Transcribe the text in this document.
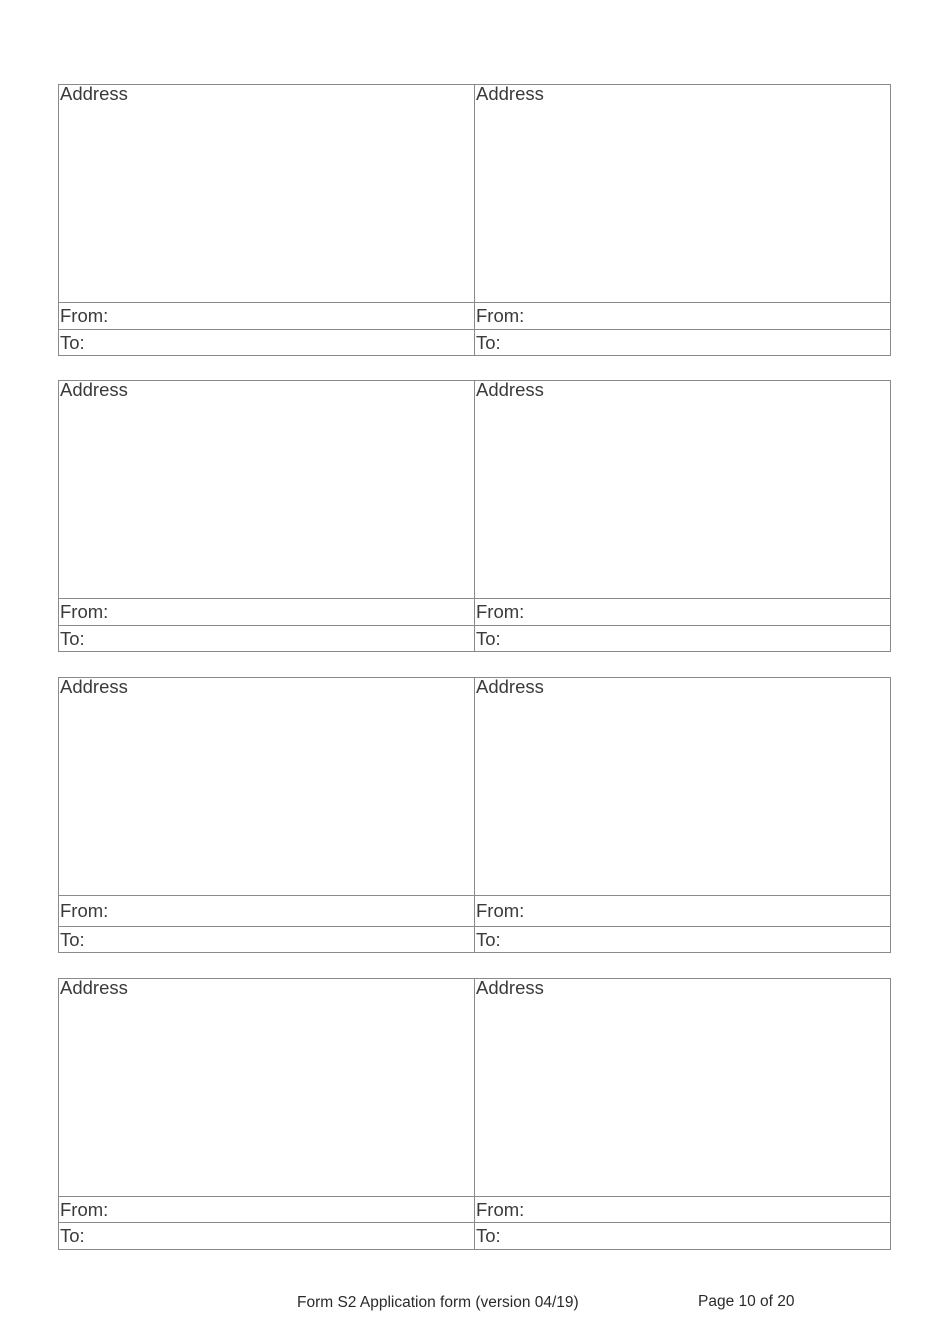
Address	Address
From:	From:
To:	To:
Address	Address
From:	From:
To:	To:
Address	Address
From:	From:
To:	To:
Address	Address
From:	From:
To:	To:
Form S2 Application form (version 04/19)	Page 10 of 20
